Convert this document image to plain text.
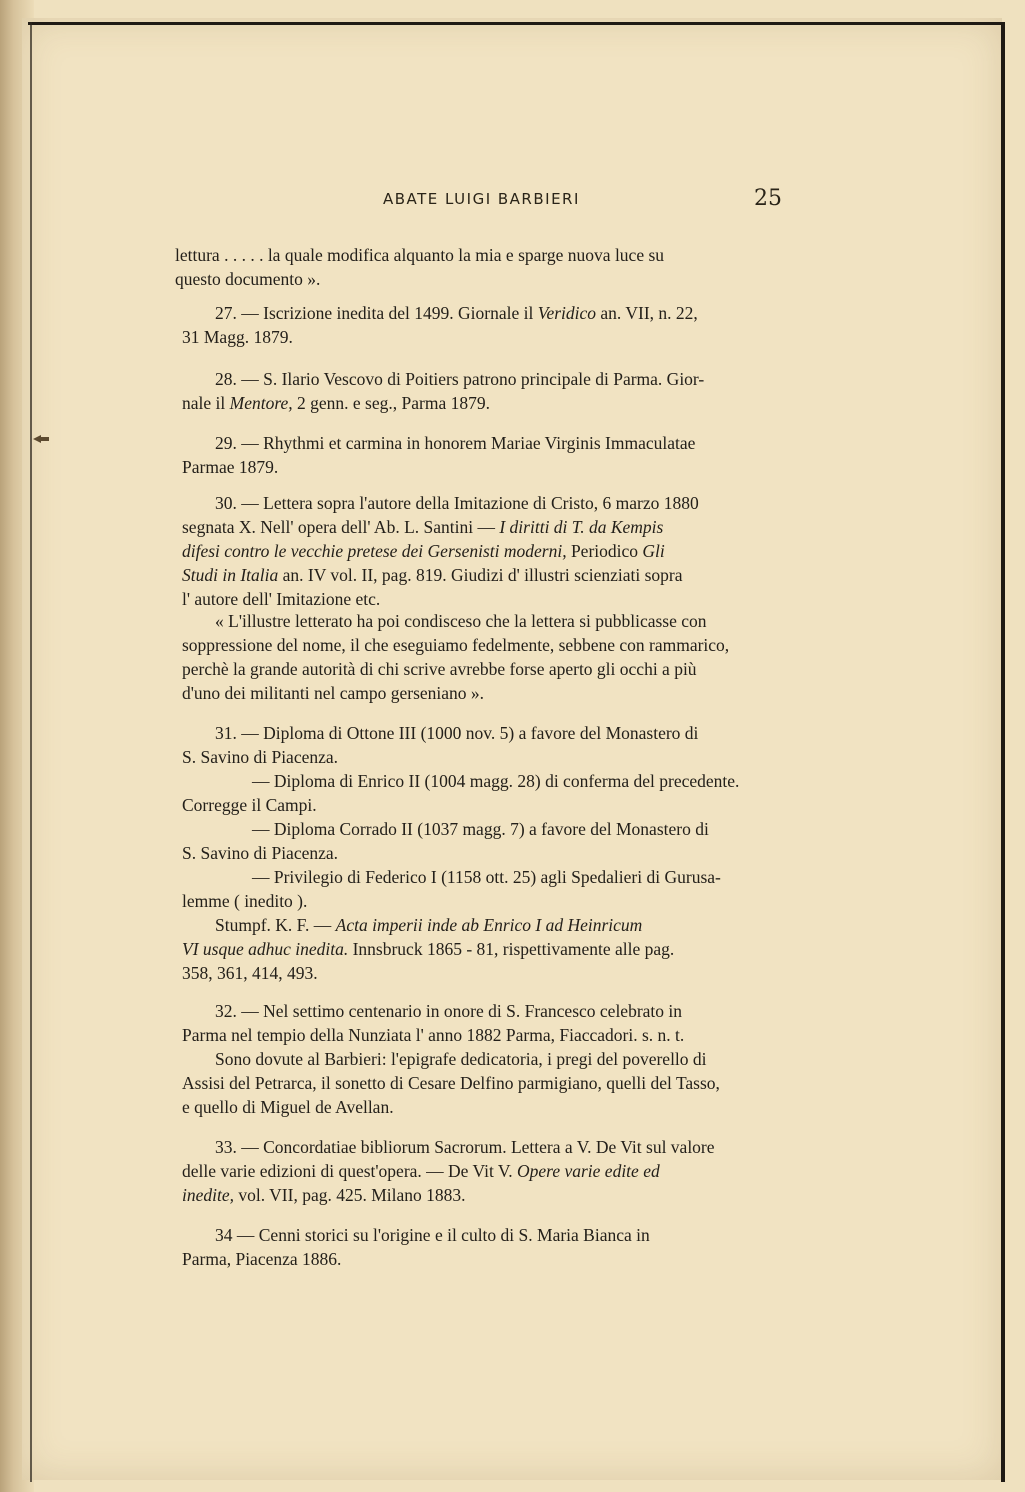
ABATE LUIGI BARBIERI	25
lettura . . . . . la quale modifica alquanto la mia e sparge nuova luce su
questo documento ».
27. — Iscrizione inedita del 1499. Giornale il Veridico an. VII, n. 22,
31 Magg. 1879.
28. — S. Ilario Vescovo di Poitiers patrono principale di Parma. Gior-
nale il Mentore, 2 genn. e seg., Parma 1879.
29. — Rhythmi et carmina in honorem Mariae Virginis Immaculatae
Parmae 1879.
30. — Lettera sopra l'autore della Imitazione di Cristo, 6 marzo 1880
segnata X. Nell' opera dell' Ab. L. Santini — I diritti di T. da Kempis
difesi contro le vecchie pretese dei Gersenisti moderni, Periodico Gli
Studi in Italia an. IV vol. II, pag. 819. Giudizi d' illustri scienziati sopra
l' autore dell' Imitazione etc.
« L'illustre letterato ha poi condisceso che la lettera si pubblicasse con
soppressione del nome, il che eseguiamo fedelmente, sebbene con rammarico,
perchè la grande autorità di chi scrive avrebbe forse aperto gli occhi a più
d'uno dei militanti nel campo gerseniano ».
31. — Diploma di Ottone III (1000 nov. 5) a favore del Monastero di
S. Savino di Piacenza.
— Diploma di Enrico II (1004 magg. 28) di conferma del precedente.
Corregge il Campi.
— Diploma Corrado II (1037 magg. 7) a favore del Monastero di
S. Savino di Piacenza.
— Privilegio di Federico I (1158 ott. 25) agli Spedalieri di Gurusa-
lemme ( inedito ).
Stumpf. K. F. — Acta imperii inde ab Enrico I ad Heinricum
VI usque adhuc inedita. Innsbruck 1865 - 81, rispettivamente alle pag.
358, 361, 414, 493.
32. — Nel settimo centenario in onore di S. Francesco celebrato in
Parma nel tempio della Nunziata l' anno 1882 Parma, Fiaccadori. s. n. t.
Sono dovute al Barbieri: l'epigrafe dedicatoria, i pregi del poverello di
Assisi del Petrarca, il sonetto di Cesare Delfino parmigiano, quelli del Tasso,
e quello di Miguel de Avellan.
33. — Concordatiae bibliorum Sacrorum. Lettera a V. De Vit sul valore
delle varie edizioni di quest'opera. — De Vit V. Opere varie edite ed
inedite, vol. VII, pag. 425. Milano 1883.
34 — Cenni storici su l'origine e il culto di S. Maria Bianca in
Parma, Piacenza 1886.
